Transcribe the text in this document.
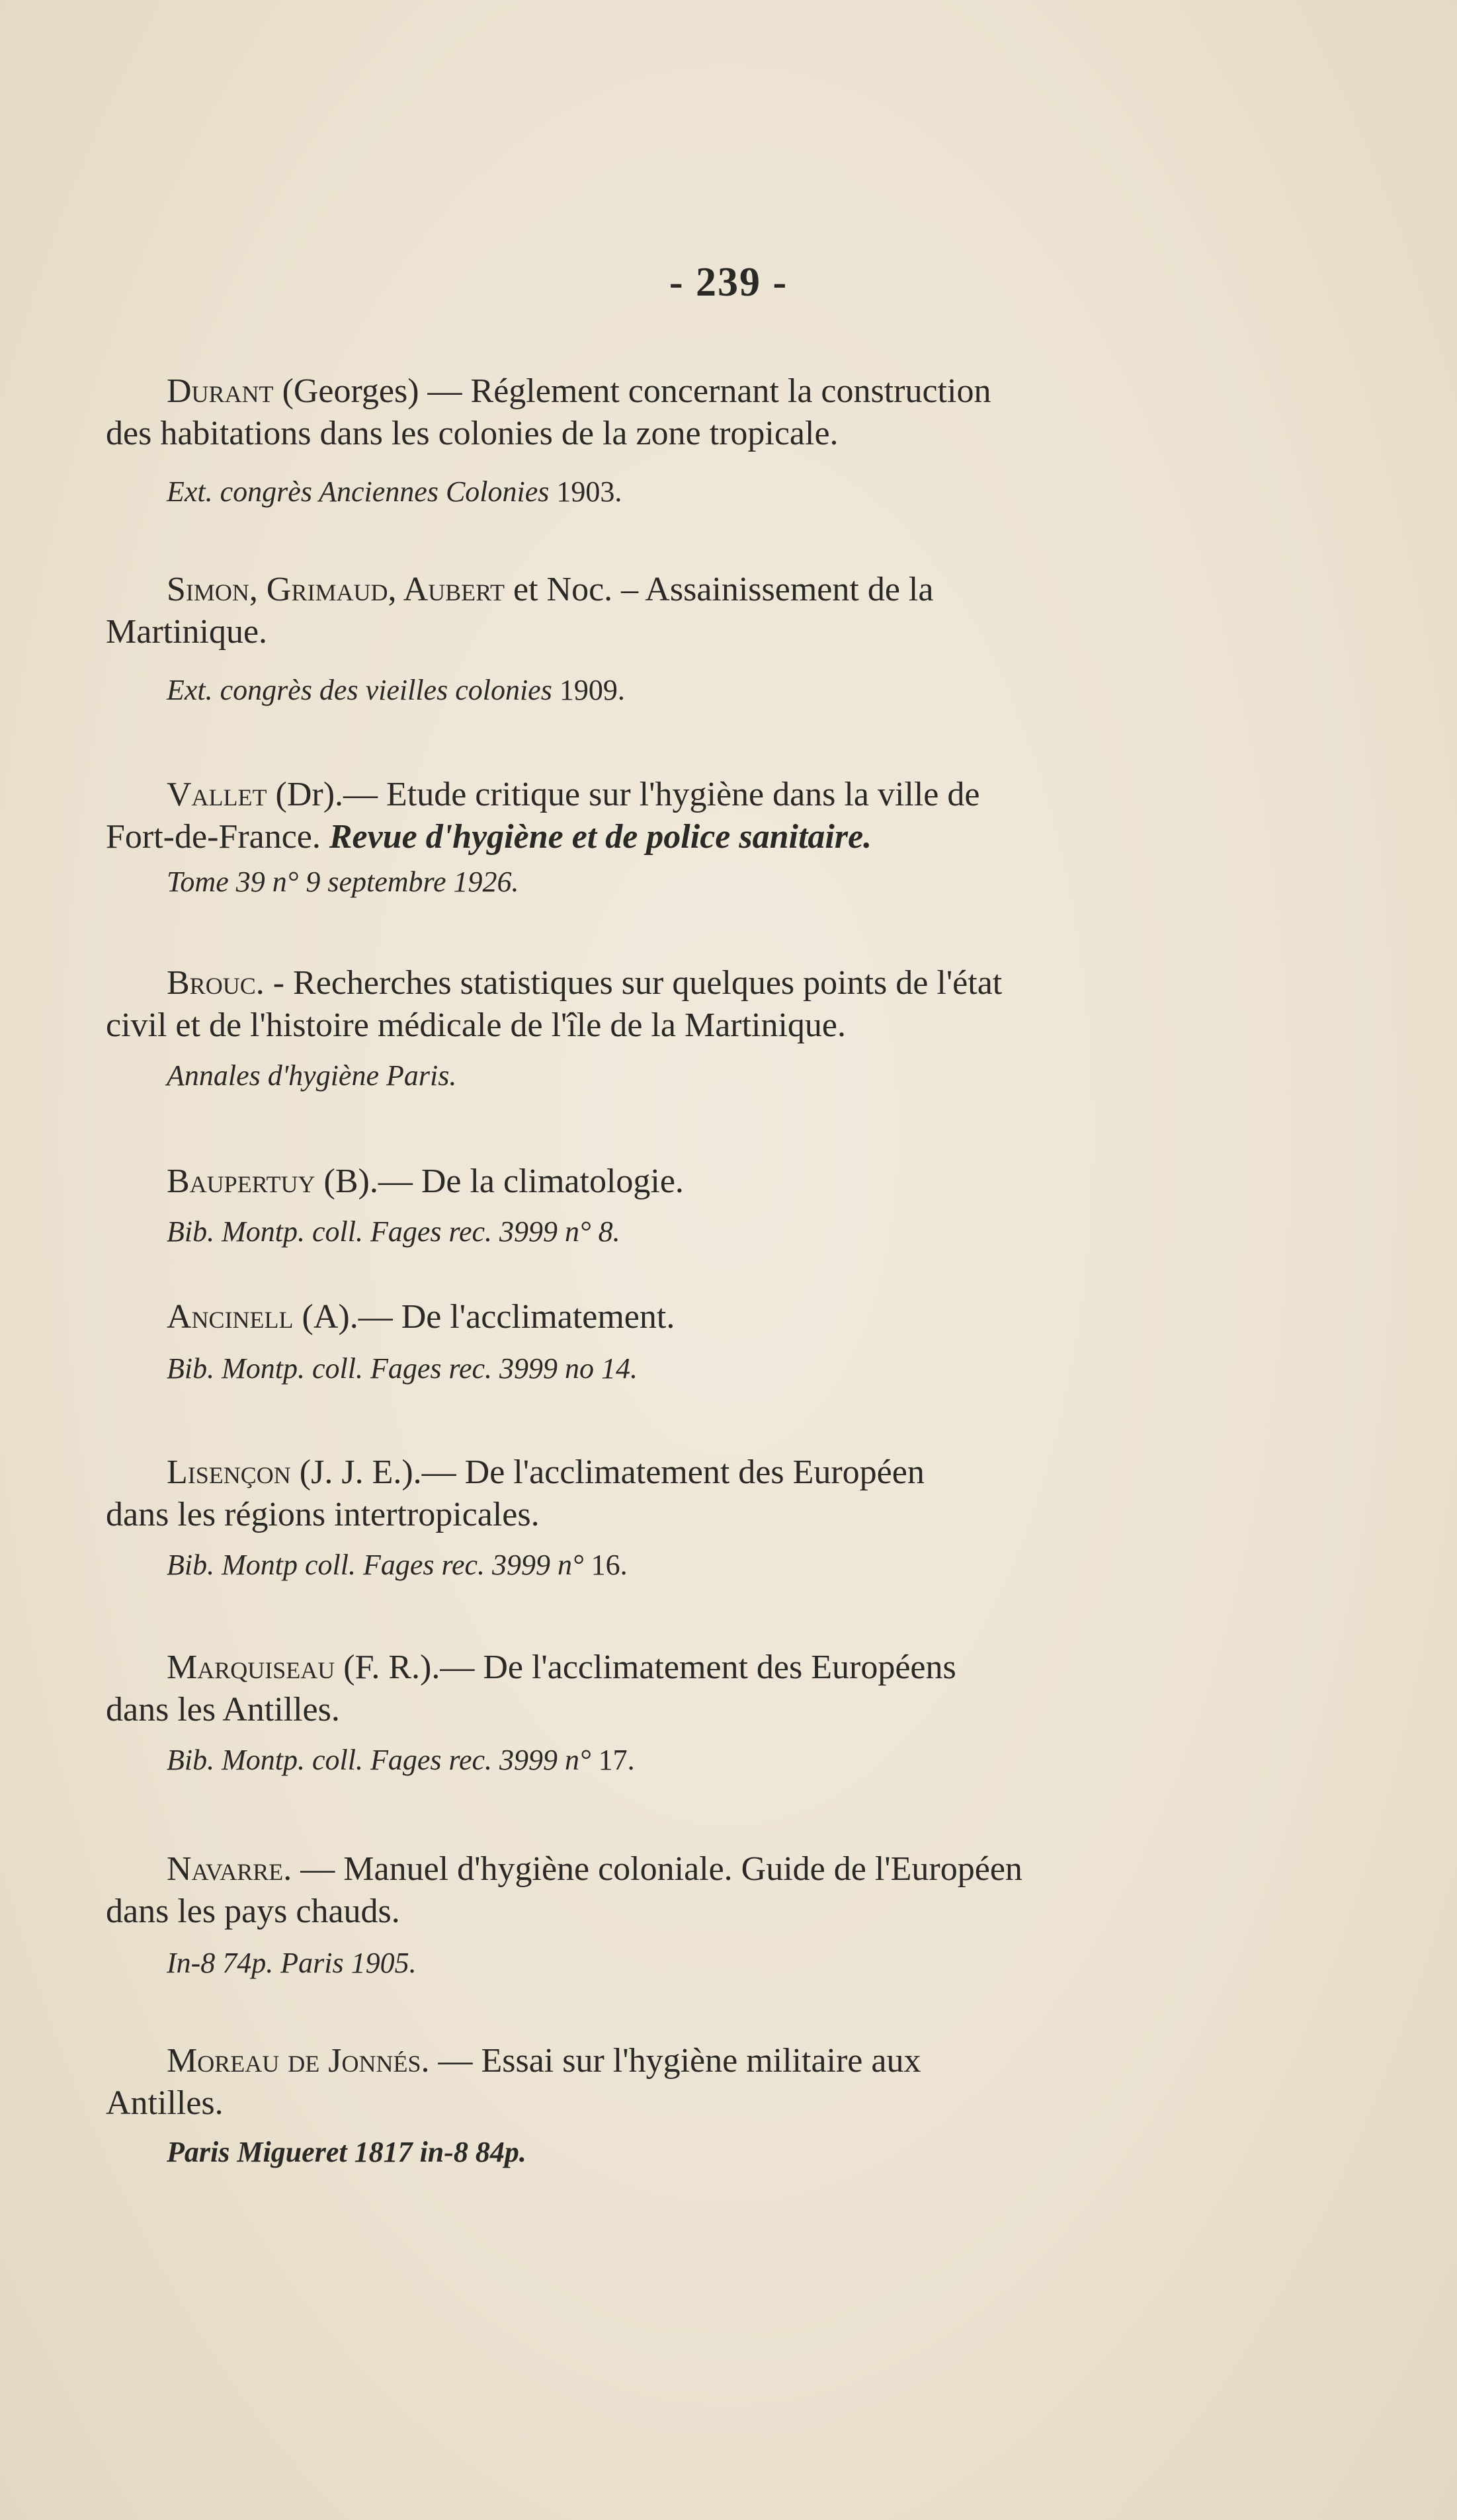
- 239 -
Durant (Georges) — Réglement concernant la construction
des habitations dans les colonies de la zone tropicale.
Ext. congrès Anciennes Colonies 1903.
Simon, Grimaud, Aubert et Noc. – Assainissement de la
Martinique.
Ext. congrès des vieilles colonies 1909.
Vallet (Dr).— Etude critique sur l'hygiène dans la ville de
Fort-de-France. Revue d'hygiène et de police sanitaire.
Tome 39 n° 9 septembre 1926.
Brouc. - Recherches statistiques sur quelques points de l'état
civil et de l'histoire médicale de l'île de la Martinique.
Annales d'hygiène Paris.
Baupertuy (B).— De la climatologie.
Bib. Montp. coll. Fages rec. 3999 n° 8.
Ancinell (A).— De l'acclimatement.
Bib. Montp. coll. Fages rec. 3999 no 14.
Lisençon (J. J. E.).— De l'acclimatement des Européen
dans les régions intertropicales.
Bib. Montp coll. Fages rec. 3999 n° 16.
Marquiseau (F. R.).— De l'acclimatement des Européens
dans les Antilles.
Bib. Montp. coll. Fages rec. 3999 n° 17.
Navarre. — Manuel d'hygiène coloniale. Guide de l'Européen
dans les pays chauds.
In-8 74p. Paris 1905.
Moreau de Jonnés. — Essai sur l'hygiène militaire aux
Antilles.
Paris Migueret 1817 in-8 84p.
